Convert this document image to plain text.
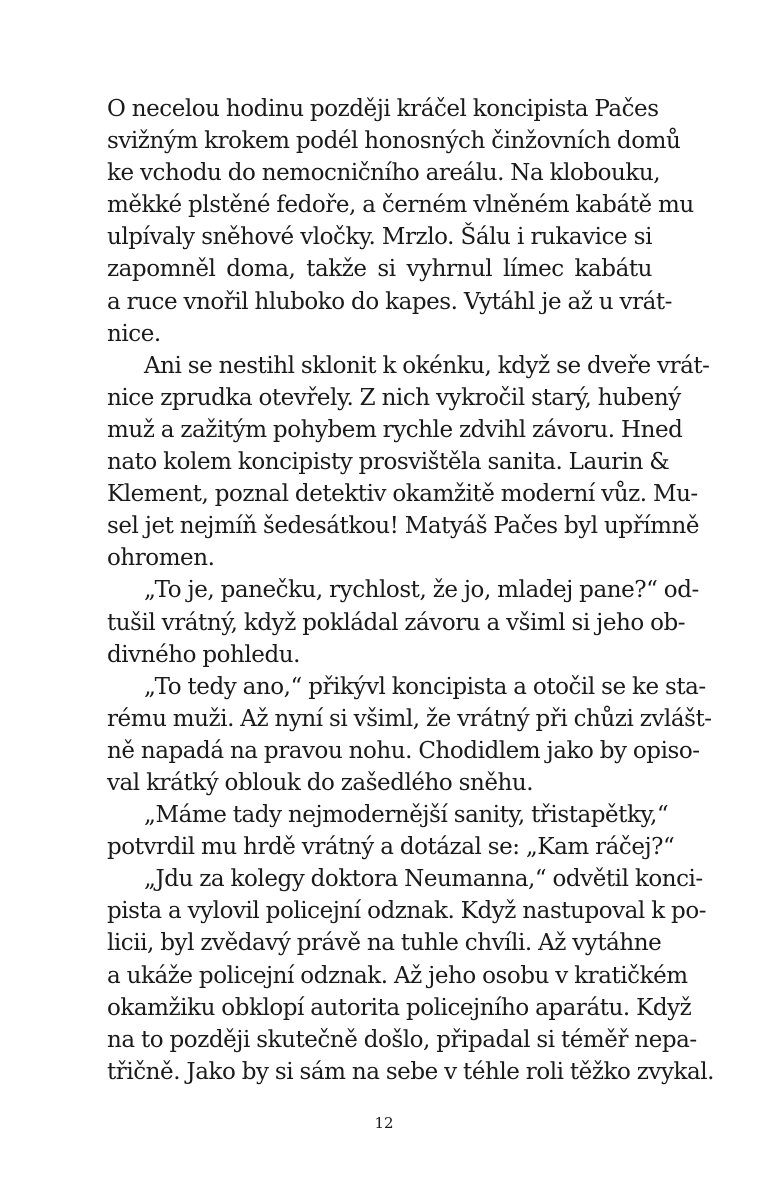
O necelou hodinu později kráčel koncipista Pačes
svižným krokem podél honosných činžovních domů
ke vchodu do nemocničního areálu. Na klobouku,
měkké plstěné fedoře, a černém vlněném kabátě mu
ulpívaly sněhové vločky. Mrzlo. Šálu i rukavice si
zapomněl doma, takže si vyhrnul límec kabátu
a ruce vnořil hluboko do kapes. Vytáhl je až u vrát-
nice.
Ani se nestihl sklonit k okénku, když se dveře vrát-
nice zprudka otevřely. Z nich vykročil starý, hubený
muž a zažitým pohybem rychle zdvihl závoru. Hned
nato kolem koncipisty prosvištěla sanita. Laurin &
Klement, poznal detektiv okamžitě moderní vůz. Mu-
sel jet nejmíň šedesátkou! Matyáš Pačes byl upřímně
ohromen.
„To je, panečku, rychlost, že jo, mladej pane?“ od-
tušil vrátný, když pokládal závoru a všiml si jeho ob-
divného pohledu.
„To tedy ano,“ přikývl koncipista a otočil se ke sta-
rému muži. Až nyní si všiml, že vrátný při chůzi zvlášt-
ně napadá na pravou nohu. Chodidlem jako by opiso-
val krátký oblouk do zašedlého sněhu.
„Máme tady nejmodernější sanity, třistapětky,“
potvrdil mu hrdě vrátný a dotázal se: „Kam ráčej?“
„Jdu za kolegy doktora Neumanna,“ odvětil konci-
pista a vylovil policejní odznak. Když nastupoval k po-
licii, byl zvědavý právě na tuhle chvíli. Až vytáhne
a ukáže policejní odznak. Až jeho osobu v kratičkém
okamžiku obklopí autorita policejního aparátu. Když
na to později skutečně došlo, připadal si téměř nepa-
třičně. Jako by si sám na sebe v téhle roli těžko zvykal.
12
